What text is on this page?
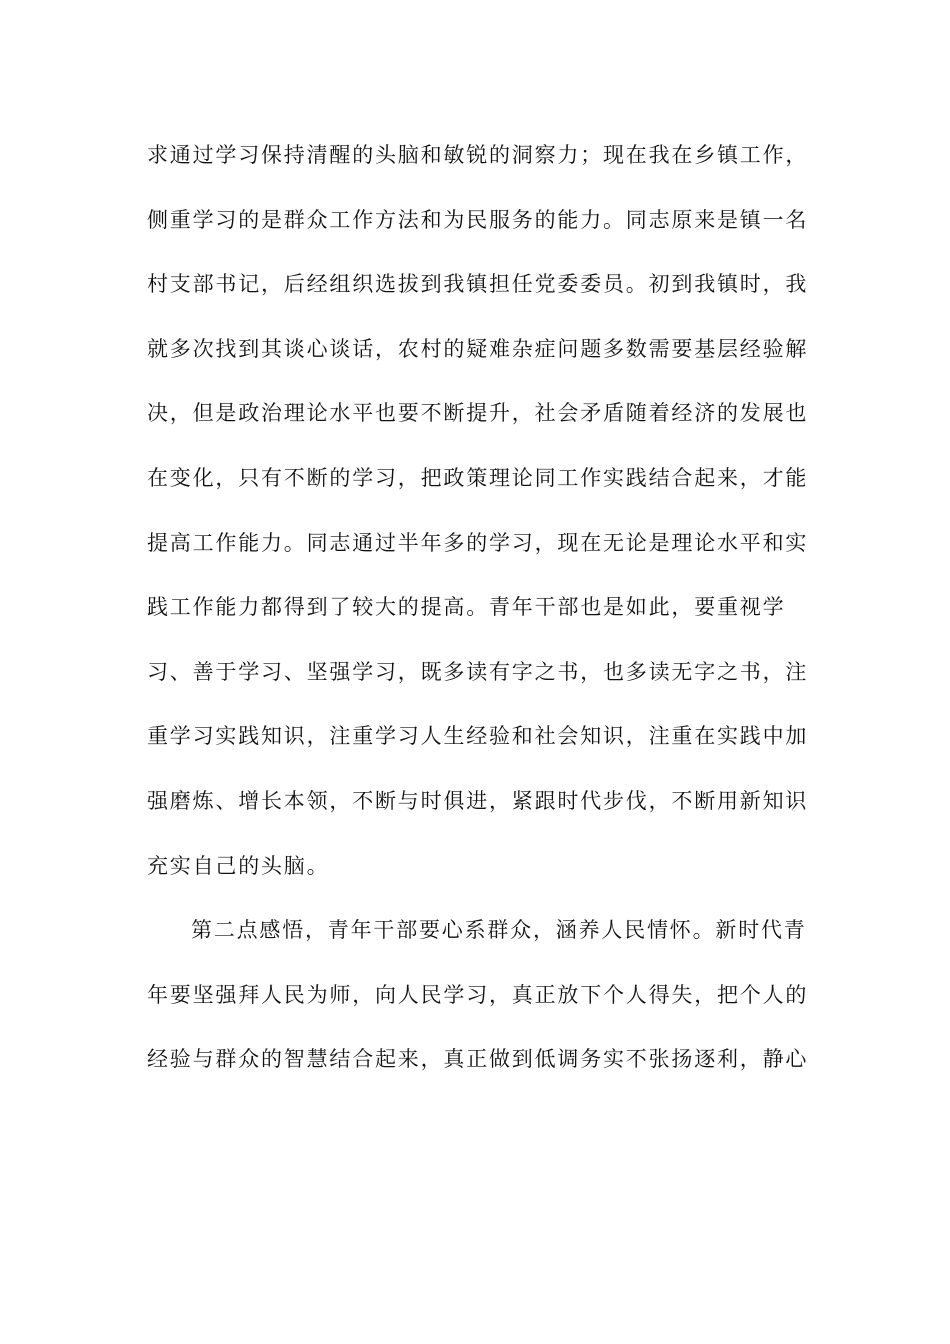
求通过学习保持清醒的头脑和敏锐的洞察力；现在我在乡镇工作，
侧重学习的是群众工作方法和为民服务的能力。同志原来是镇一名
村支部书记，后经组织选拔到我镇担任党委委员。初到我镇时，我
就多次找到其谈心谈话，农村的疑难杂症问题多数需要基层经验解
决，但是政治理论水平也要不断提升，社会矛盾随着经济的发展也
在变化，只有不断的学习，把政策理论同工作实践结合起来，才能
提高工作能力。同志通过半年多的学习，现在无论是理论水平和实
践工作能力都得到了较大的提高。青年干部也是如此，要重视学
习、善于学习、坚强学习，既多读有字之书，也多读无字之书，注
重学习实践知识，注重学习人生经验和社会知识，注重在实践中加
强磨炼、增长本领，不断与时俱进，紧跟时代步伐，不断用新知识
充实自己的头脑。
第二点感悟，青年干部要心系群众，涵养人民情怀。新时代青
年要坚强拜人民为师，向人民学习，真正放下个人得失，把个人的
经验与群众的智慧结合起来，真正做到低调务实不张扬逐利，静心
